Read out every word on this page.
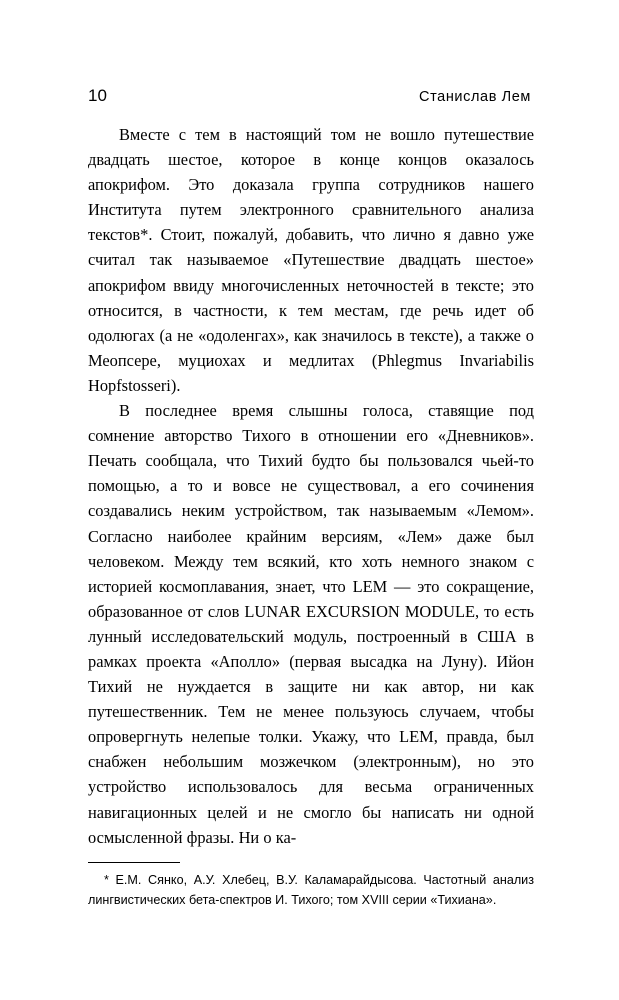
10	Станислав Лем

Вместе с тем в настоящий том не вошло путешествие двадцать шестое, которое в конце концов оказалось апокрифом. Это доказала группа сотрудников нашего Института путем электронного сравнительного анализа текстов*. Стоит, пожалуй, добавить, что лично я давно уже считал так называемое «Путешествие двадцать шестое» апокрифом ввиду многочисленных неточностей в тексте; это относится, в частности, к тем местам, где речь идет об одолюгах (а не «одоленгах», как значилось в тексте), а также о Меопсере, муциохах и медлитах (Phlegmus Invariabilis Hopfstosseri).

В последнее время слышны голоса, ставящие под сомнение авторство Тихого в отношении его «Дневников». Печать сообщала, что Тихий будто бы пользовался чьей-то помощью, а то и вовсе не существовал, а его сочинения создавались неким устройством, так называемым «Лемом». Согласно наиболее крайним версиям, «Лем» даже был человеком. Между тем всякий, кто хоть немного знаком с историей космоплавания, знает, что LEM — это сокращение, образованное от слов LUNAR EXCURSION MODULE, то есть лунный исследовательский модуль, построенный в США в рамках проекта «Аполло» (первая высадка на Луну). Ийон Тихий не нуждается в защите ни как автор, ни как путешественник. Тем не менее пользуюсь случаем, чтобы опровергнуть нелепые толки. Укажу, что LEM, правда, был снабжен небольшим мозжечком (электронным), но это устройство использовалось для весьма ограниченных навигационных целей и не смогло бы написать ни одной осмысленной фразы. Ни о ка-

* Е.М. Сянко, А.У. Хлебец, В.У. Каламарайдысова. Частотный анализ лингвистических бета-спектров И. Тихого; том XVIII серии «Тихиана».
